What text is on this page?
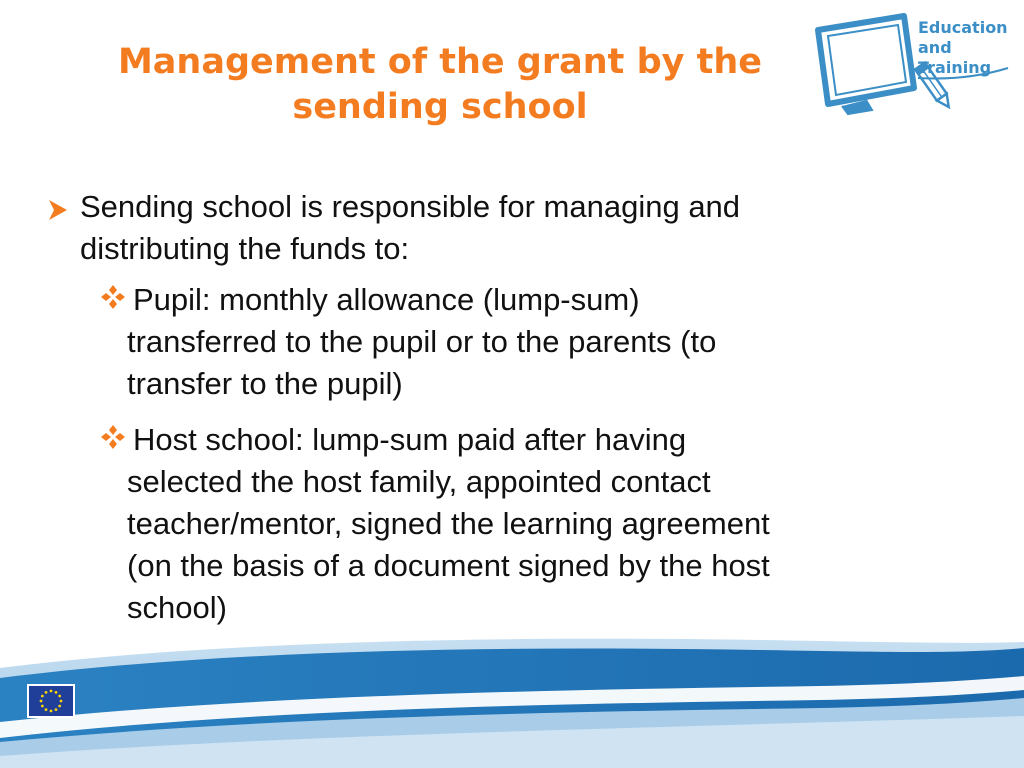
Management of the grant by the
sending school
Education
and
Training
Sending school is responsible for managing and
distributing the funds to:
Pupil: monthly allowance (lump-sum)
transferred to the pupil or to the parents (to
transfer to the pupil)
Host school: lump-sum paid after having
selected the host family, appointed contact
teacher/mentor, signed the learning agreement
(on the basis of a document signed by the host
school)
